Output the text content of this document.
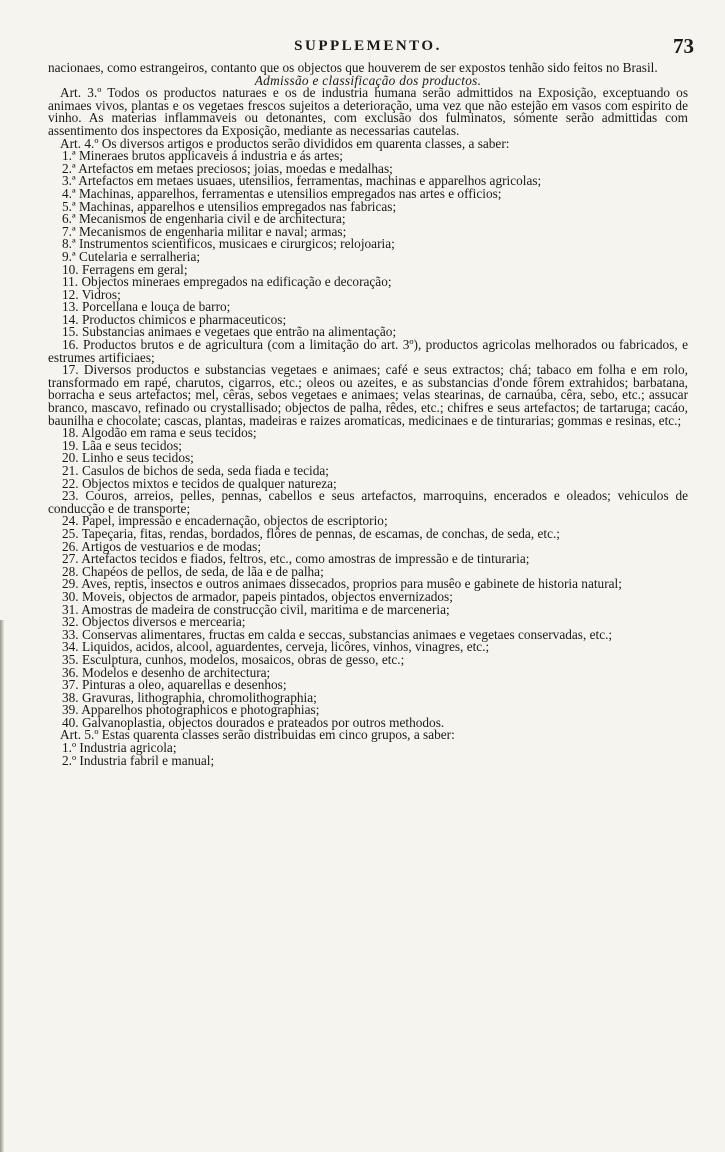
SUPPLEMENTO.	73

nacionaes, como estrangeiros, contanto que os objectos que houverem de ser expostos tenhão sido feitos no Brasil.

Admissão e classificação dos productos.

Art. 3.º Todos os productos naturaes e os de industria humana serão admittidos na Exposição, exceptuando os animaes vivos, plantas e os vegetaes frescos sujeitos a deterioração, uma vez que não estejão em vasos com espirito de vinho. As materias inflammaveis ou detonantes, com exclusão dos fulminatos, sómente serão admittidas com assentimento dos inspectores da Exposição, mediante as necessarias cautelas.

Art. 4.º Os diversos artigos e productos serão divididos em quarenta classes, a saber:

1.ª Mineraes brutos applicaveis á industria e ás artes;

2.ª Artefactos em metaes preciosos; joias, moedas e medalhas;

3.ª Artefactos em metaes usuaes, utensilios, ferramentas, machinas e apparelhos agricolas;

4.ª Machinas, apparelhos, ferramentas e utensilios empregados nas artes e officios;

5.ª Machinas, apparelhos e utensilios empregados nas fabricas;

6.ª Mecanismos de engenharia civil e de architectura;

7.ª Mecanismos de engenharia militar e naval; armas;

8.ª Instrumentos scientificos, musicaes e cirurgicos; relojoaria;

9.ª Cutelaria e serralheria;

10. Ferragens em geral;

11. Objectos mineraes empregados na edificação e decoração;

12. Vidros;

13. Porcellana e louça de barro;

14. Productos chimicos e pharmaceuticos;

15. Substancias animaes e vegetaes que entrão na alimentação;

16. Productos brutos e de agricultura (com a limitação do art. 3º), productos agricolas melhorados ou fabricados, e estrumes artificiaes;

17. Diversos productos e substancias vegetaes e animaes; café e seus extractos; chá; tabaco em folha e em rolo, transformado em rapé, charutos, cigarros, etc.; oleos ou azeites, e as substancias d'onde fôrem extrahidos; barbatana, borracha e seus artefactos; mel, cêras, sebos vegetaes e animaes; velas stearinas, de carnaúba, cêra, sebo, etc.; assucar branco, mascavo, refinado ou crystallisado; objectos de palha, rêdes, etc.; chifres e seus artefactos; de tartaruga; cacáo, baunilha e chocolate; cascas, plantas, madeiras e raizes aromaticas, medicinaes e de tinturarias; gommas e resinas, etc.;

18. Algodão em rama e seus tecidos;

19. Lãa e seus tecidos;

20. Linho e seus tecidos;

21. Casulos de bichos de seda, seda fiada e tecida;

22. Objectos mixtos e tecidos de qualquer natureza;

23. Couros, arreios, pelles, pennas, cabellos e seus artefactos, marroquins, encerados e oleados; vehiculos de conducção e de transporte;

24. Papel, impressão e encadernação, objectos de escriptorio;

25. Tapeçaria, fitas, rendas, bordados, flôres de pennas, de escamas, de conchas, de seda, etc.;

26. Artigos de vestuarios e de modas;

27. Artefactos tecidos e fiados, feltros, etc., como amostras de impressão e de tinturaria;

28. Chapéos de pellos, de seda, de lãa e de palha;

29. Aves, reptis, insectos e outros animaes dissecados, proprios para musêo e gabinete de historia natural;

30. Moveis, objectos de armador, papeis pintados, objectos envernizados;

31. Amostras de madeira de construcção civil, maritima e de marceneria;

32. Objectos diversos e mercearia;

33. Conservas alimentares, fructas em calda e seccas, substancias animaes e vegetaes conservadas, etc.;

34. Liquidos, acidos, alcool, aguardentes, cerveja, licôres, vinhos, vinagres, etc.;

35. Esculptura, cunhos, modelos, mosaicos, obras de gesso, etc.;

36. Modelos e desenho de architectura;

37. Pinturas a oleo, aquarellas e desenhos;

38. Gravuras, lithographia, chromolithographia;

39. Apparelhos photographicos e photographias;

40. Galvanoplastia, objectos dourados e prateados por outros methodos.

Art. 5.º Estas quarenta classes serão distribuidas em cinco grupos, a saber:

1.º Industria agricola;

2.º Industria fabril e manual;
